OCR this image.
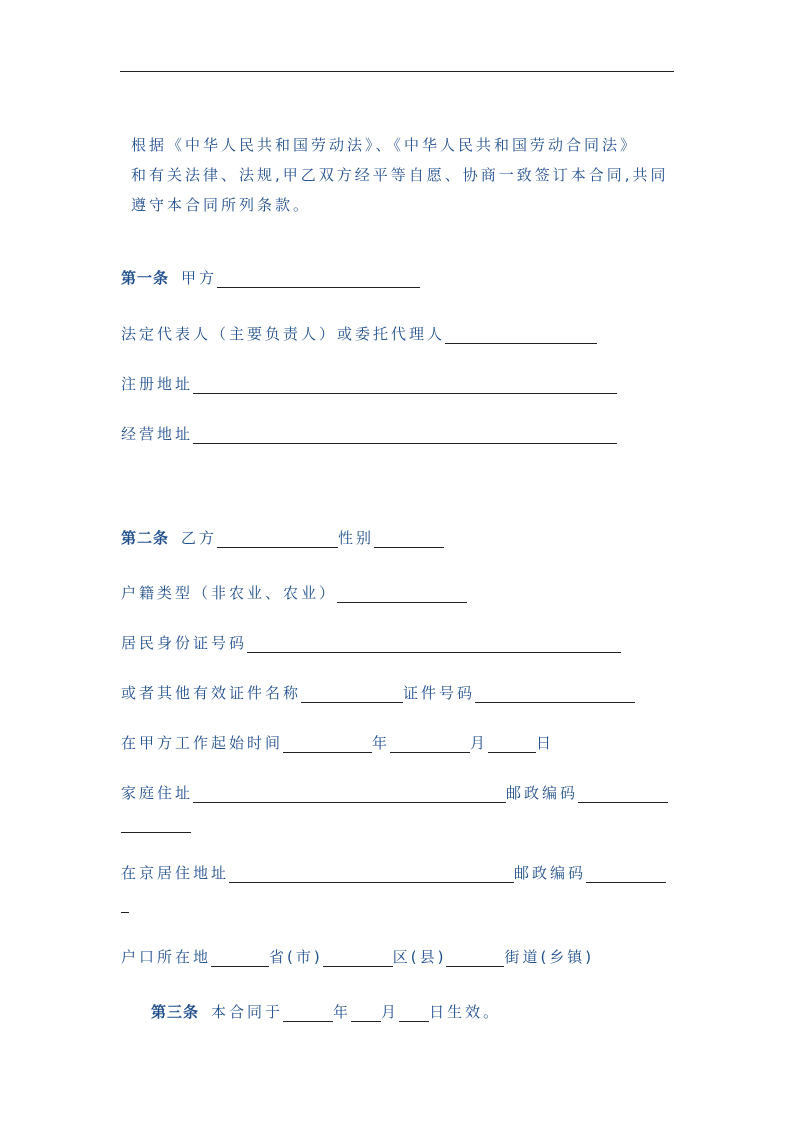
根据《中华人民共和国劳动法》、《中华人民共和国劳动合同法》
和有关法律、法规,甲乙双方经平等自愿、协商一致签订本合同,共同
遵守本合同所列条款。
第一条 甲方
法定代表人（主要负责人）或委托代理人
注册地址
经营地址
第二条 乙方	性别
户籍类型（非农业、农业）
居民身份证号码
或者其他有效证件名称	证件号码
在甲方工作起始时间	年	月	日
家庭住址	邮政编码
在京居住地址	邮政编码
户口所在地	省(市)	区(县)	街道(乡镇)
第三条 本合同于	年 月 日生效。
